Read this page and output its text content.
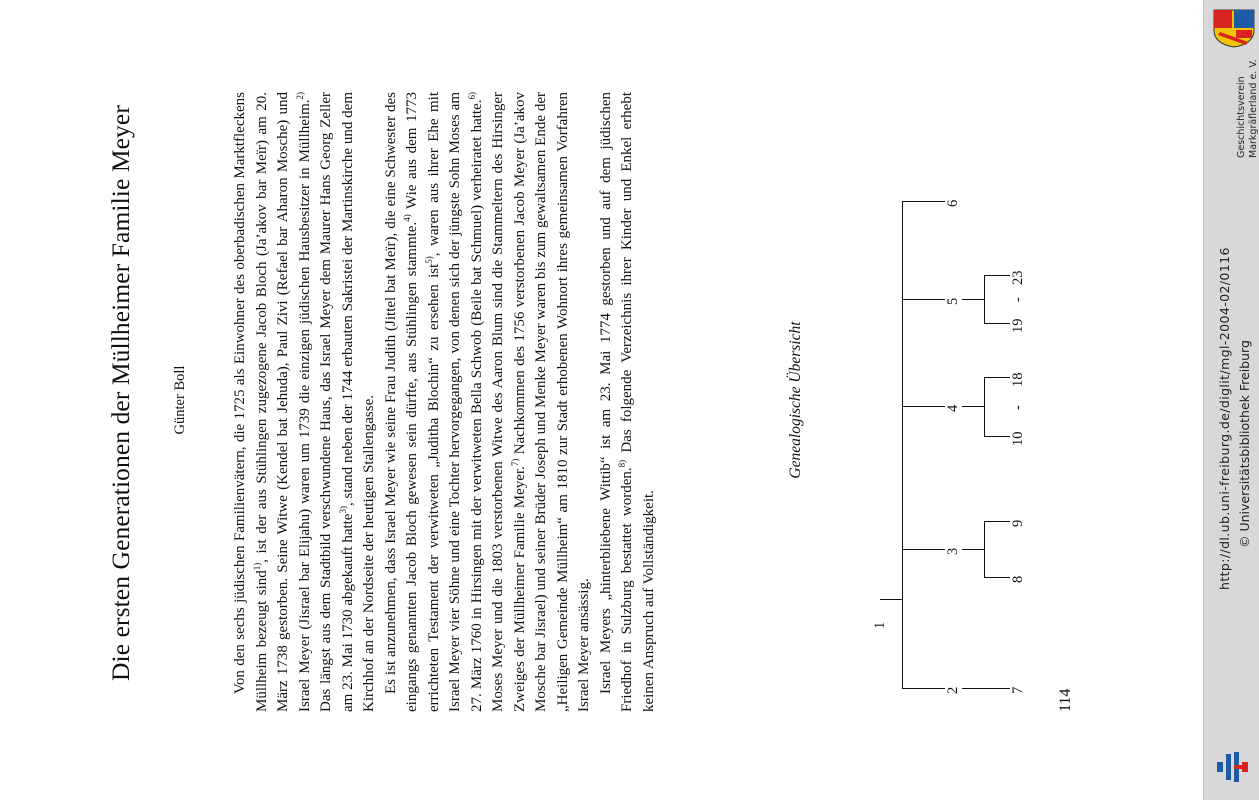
Die ersten Generationen der Müllheimer Familie Meyer	Günter Boll	Von den sechs jüdischen Familienvätern, die 1725 als Einwohner des oberbadischen Marktfleckens Müllheim bezeugt sind$^{1)}$, ist der aus Stühlingen zugezogene Jacob Bloch (Ja’akov bar Meïr) am 20. März 1738 gestorben. Seine Witwe (Kendel bat Jehuda), Paul Zivi (Refael bar Aharon Mosche) und Israel Meyer (Jisrael bar Elijahu) waren um 1739 die einzigen jüdischen Hausbesitzer in Müllheim.$^{2)}$ Das längst aus dem Stadtbild verschwundene Haus, das Israel Meyer dem Maurer Hans Georg Zeller am 23. Mai 1730 abgekauft hatte$^{3)}$, stand neben der 1744 erbauten Sakristei der Martinskirche und dem Kirchhof an der Nordseite der heutigen Stallengasse. Es ist anzunehmen, dass Israel Meyer wie seine Frau Judith (Jittel bat Meïr), die eine Schwester des eingangs genannten Jacob Bloch gewesen sein dürfte, aus Stühlingen stammte.$^{4)}$ Wie aus dem 1773 errichteten Testament der verwitweten „Juditha Blochin“ zu ersehen ist$^{5)}$, waren aus ihrer Ehe mit Israel Meyer vier Söhne und eine Tochter hervorgegangen, von denen sich der jüngste Sohn Moses am 27. März 1760 in Hirsingen mit der verwitweten Bella Schwob (Beile bat Schmuel) verheiratet hatte.$^{6)}$ Moses Meyer und die 1803 verstorbenen Witwe des Aaron Blum sind die Stammeltern des Hirsinger Zweiges der Müllheimer Familie Meyer.$^{7)}$ Nachkommen des 1756 verstorbenen Jacob Meyer (Ja’akov Mosche bar Jisrael) und seiner Brüder Joseph und Menke Meyer waren bis zum gewaltsamen Ende der „Heiligen Gemeinde Müllheim“ am 1810 zur Stadt erhobenen Wohnort ihres gemeinsamen Vorfahren Israel Meyer ansässig. Israel Meyers „hinterbliebene Wittib“ ist am 23. Mai 1774 gestorben und auf dem jüdischen Friedhof in Sulzburg bestattet worden.$^{8)}$ Das folgende Verzeichnis ihrer Kinder und Enkel erhebt keinen Anspruch auf Vollständigkeit.

Genealogische Übersicht
1
2	7
3
8
9
4
10
-
18
5
19
-
23
6
114
Geschichtsverein Markgräflerland e. V.
http://dl.ub.uni-freiburg.de/diglit/mgl-2004-02/0116 © Universitätsbibliothek Freiburg
